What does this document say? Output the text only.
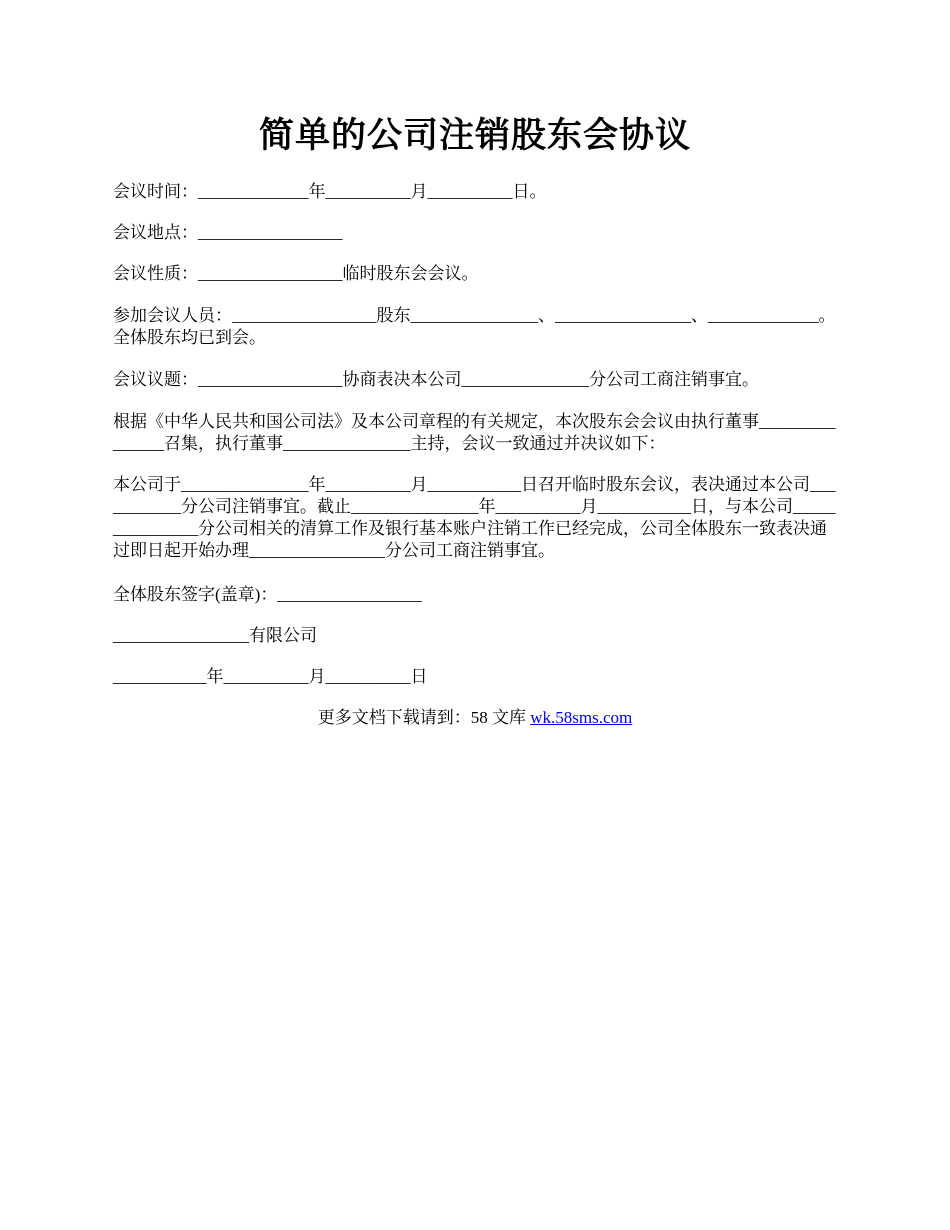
简单的公司注销股东会协议
会议时间：_____________年__________月__________日。
会议地点：_________________
会议性质：_________________临时股东会会议。
参加会议人员：_________________股东_______________、________________、_____________。全体股东均已到会。
会议议题：_________________协商表决本公司_______________分公司工商注销事宜。
根据《中华人民共和国公司法》及本公司章程的有关规定，本次股东会会议由执行董事_______________召集，执行董事_______________主持，会议一致通过并决议如下：
本公司于_______________年__________月___________日召开临时股东会议，表决通过本公司___________分公司注销事宜。截止_______________年__________月___________日，与本公司_______________分公司相关的清算工作及银行基本账户注销工作已经完成，公司全体股东一致表决通过即日起开始办理________________分公司工商注销事宜。
全体股东签字(盖章)：_________________
________________有限公司
___________年__________月__________日
更多文档下载请到：58 文库 wk.58sms.com
